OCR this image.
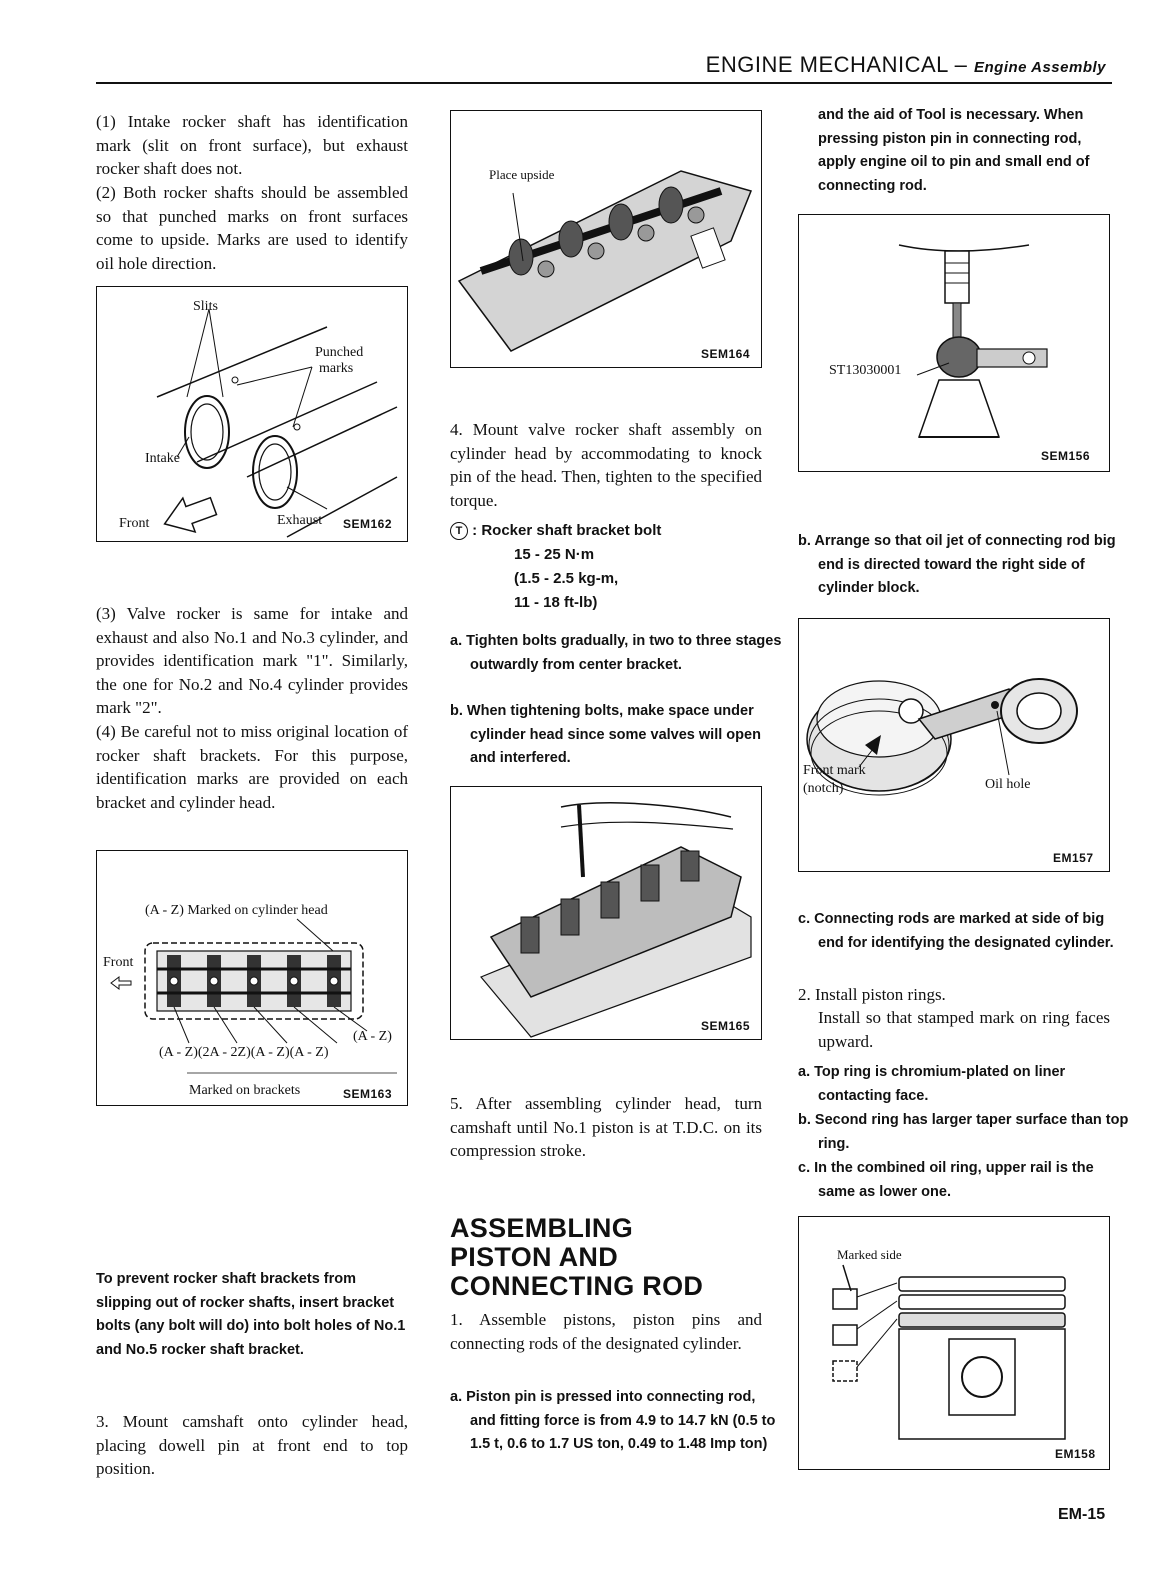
ENGINE MECHANICAL – Engine Assembly

(1) Intake rocker shaft has identification mark (slit on front surface), but exhaust rocker shaft does not.

(2) Both rocker shafts should be assembled so that punched marks on front surfaces come to upside. Marks are used to identify oil hole direction.

Slits
Punched
marks
Intake
Front	Exhaust SEM162

(3) Valve rocker is same for intake and exhaust and also No.1 and No.3 cylinder, and provides identification mark "1". Similarly, the one for No.2 and No.4 cylinder provides mark "2".

(4) Be careful not to miss original location of rocker shaft brackets. For this purpose, identification marks are provided on each bracket and cylinder head.

(A - Z) Marked on cylinder head
Front
(A - Z)
(A - Z)(2A - 2Z)(A - Z)(A - Z)
Marked on brackets	SEM163

To prevent rocker shaft brackets from slipping out of rocker shafts, insert bracket bolts (any bolt will do) into bolt holes of No.1 and No.5 rocker shaft bracket.

3. Mount camshaft onto cylinder head, placing dowell pin at front end to top position.

Place upside
SEM164

4. Mount valve rocker shaft assembly on cylinder head by accommodating to knock pin of the head. Then, tighten to the specified torque.

T : Rocker shaft bracket bolt
15 - 25 N·m
(1.5 - 2.5 kg-m,
11 - 18 ft-lb)

a. Tighten bolts gradually, in two to three stages outwardly from center bracket.

b. When tightening bolts, make space under cylinder head since some valves will open and interfered.

SEM165

5. After assembling cylinder head, turn camshaft until No.1 piston is at T.D.C. on its compression stroke.

ASSEMBLING
PISTON AND
CONNECTING ROD

1. Assemble pistons, piston pins and connecting rods of the designated cylinder.

a. Piston pin is pressed into connecting rod, and fitting force is from 4.9 to 14.7 kN (0.5 to 1.5 t, 0.6 to 1.7 US ton, 0.49 to 1.48 Imp ton)

and the aid of Tool is necessary. When pressing piston pin in connecting rod, apply engine oil to pin and small end of connecting rod.

ST13030001
SEM156

b. Arrange so that oil jet of connecting rod big end is directed toward the right side of cylinder block.

Front mark
(notch)	Oil hole
EM157

c. Connecting rods are marked at side of big end for identifying the designated cylinder.

2. Install piston rings.

Install so that stamped mark on ring faces upward.

a. Top ring is chromium-plated on liner contacting face.

b. Second ring has larger taper surface than top ring.

c. In the combined oil ring, upper rail is the same as lower one.

Marked side
EM158
EM-15
